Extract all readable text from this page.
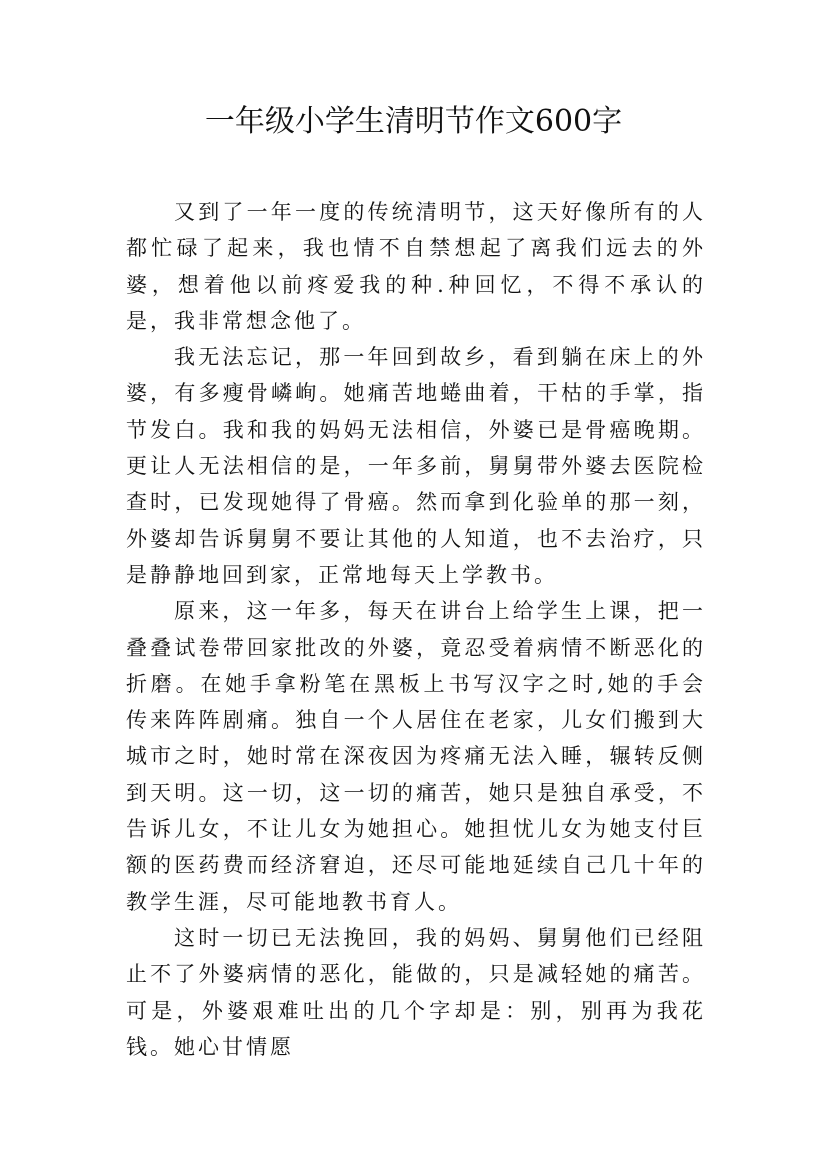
一年级小学生清明节作文600字

又到了一年一度的传统清明节，这天好像所有的人都忙碌了起来，我也情不自禁想起了离我们远去的外婆，想着他以前疼爱我的种.种回忆，不得不承认的是，我非常想念他了。

我无法忘记，那一年回到故乡，看到躺在床上的外婆，有多瘦骨嶙峋。她痛苦地蜷曲着，干枯的手掌，指节发白。我和我的妈妈无法相信，外婆已是骨癌晚期。更让人无法相信的是，一年多前，舅舅带外婆去医院检查时，已发现她得了骨癌。然而拿到化验单的那一刻，外婆却告诉舅舅不要让其他的人知道，也不去治疗，只是静静地回到家，正常地每天上学教书。

原来，这一年多，每天在讲台上给学生上课，把一叠叠试卷带回家批改的外婆，竟忍受着病情不断恶化的折磨。在她手拿粉笔在黑板上书写汉字之时,她的手会传来阵阵剧痛。独自一个人居住在老家，儿女们搬到大城市之时，她时常在深夜因为疼痛无法入睡，辗转反侧到天明。这一切，这一切的痛苦，她只是独自承受，不告诉儿女，不让儿女为她担心。她担忧儿女为她支付巨额的医药费而经济窘迫，还尽可能地延续自己几十年的教学生涯，尽可能地教书育人。

这时一切已无法挽回，我的妈妈、舅舅他们已经阻止不了外婆病情的恶化，能做的，只是减轻她的痛苦。可是，外婆艰难吐出的几个字却是：别，别再为我花钱。她心甘情愿
